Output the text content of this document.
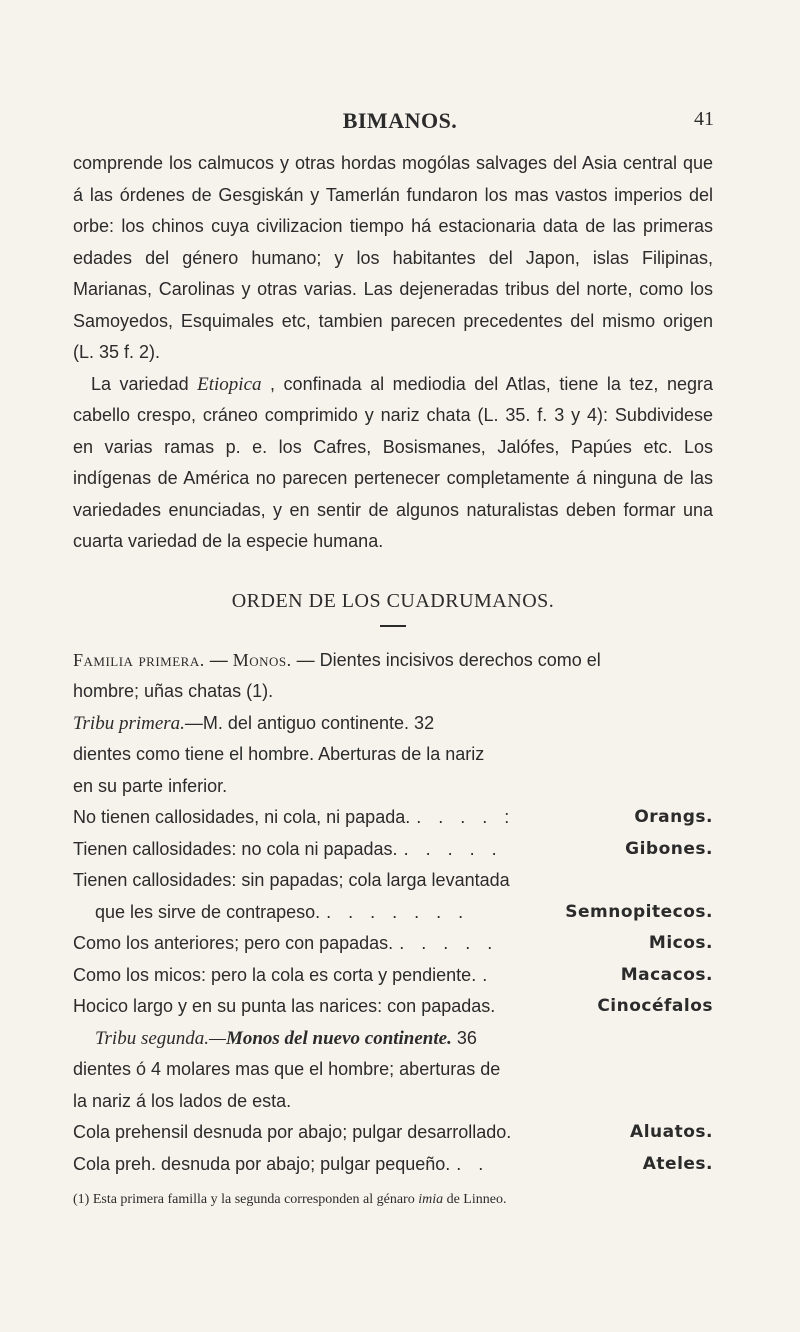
BIMANOS.	41

comprende los calmucos y otras hordas mogólas salvages del Asia central que á las órdenes de Gesgiskán y Tamerlán fundaron los mas vastos imperios del orbe: los chinos cuya civilizacion tiempo há estacionaria data de las primeras edades del género humano; y los habitantes del Japon, islas Filipinas, Marianas, Carolinas y otras varias. Las dejeneradas tribus del norte, como los Samoyedos, Esquimales etc, tambien parecen precedentes del mismo origen (L. 35 f. 2).

La variedad Etiopica , confinada al mediodia del Atlas, tiene la tez, negra cabello crespo, cráneo comprimido y nariz chata (L. 35. f. 3 y 4): Subdividese en varias ramas p. e. los Cafres, Bosismanes, Jalófes, Papúes etc. Los indígenas de América no parecen pertenecer completamente á ninguna de las variedades enunciadas, y en sentir de algunos naturalistas deben formar una cuarta variedad de la especie humana.

ORDEN DE LOS CUADRUMANOS.
Familia primera. — Monos. — Dientes incisivos derechos como el
hombre; uñas chatas (1).
Tribu primera.—M. del antiguo continente. 32
dientes como tiene el hombre. Aberturas de la nariz
en su parte inferior.
No tienen callosidades, ni cola, ni papada. . . . . :	Orangs.
Tienen callosidades: no cola ni papadas. . . . . .	Gibones.
Tienen callosidades: sin papadas; cola larga levantada
que les sirve de contrapeso. . . . . . . .	Semnopitecos.
Como los anteriores; pero con papadas. . . . . .	Micos.
Como los micos: pero la cola es corta y pendiente. .	Macacos.
Hocico largo y en su punta las narices: con papadas.	Cinocéfalos
Tribu segunda.—Monos del nuevo continente. 36
dientes ó 4 molares mas que el hombre; aberturas de
la nariz á los lados de esta.
Cola prehensil desnuda por abajo; pulgar desarrollado.	Aluatos.
Cola preh. desnuda por abajo; pulgar pequeño. . .	Ateles.
(1) Esta primera familla y la segunda corresponden al génaro imia de Linneo.
